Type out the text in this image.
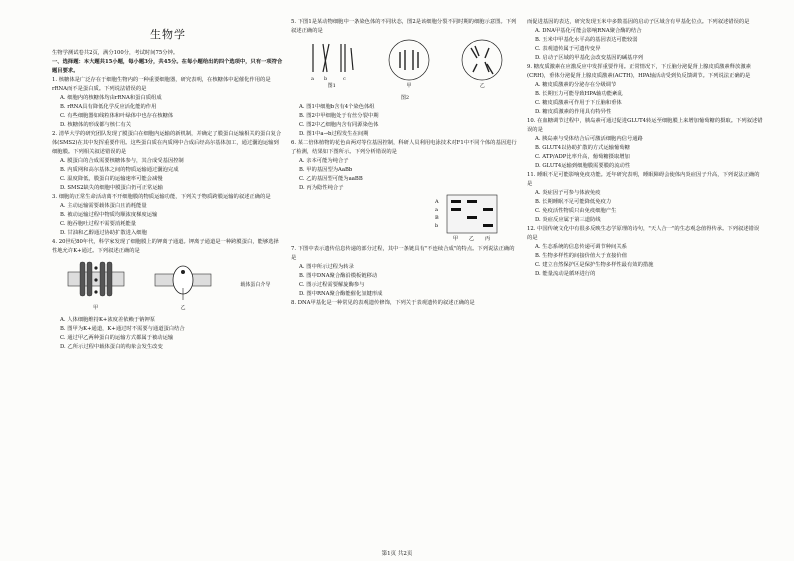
生物学

生物学测试卷共2页，满分100分，考试时间75分钟。

一、选择题：本大题共15小题，每小题3分，共45分。在每小题给出的四个选项中，只有一项符合题目要求。

1. 核糖体是广泛存在于细胞生物内的一种重要细胞器，研究表明，在核糖体中起催化作用的是rRNA而不是蛋白质。下列说法错误的是

A. 细胞内的核糖体均由rRNA和蛋白质组成

B. rRNA具有降低化学反应活化能的作用

C. 有些细胞器如线粒体和叶绿体中也存在核糖体

D. 核糖体的形成都与核仁有关

2. 清华大学的研究团队发现了膜蛋白在细胞内运输的新机制，并确定了膜蛋白运输相关的蛋白复合体(SMS2)在其中发挥重要作用。这些蛋白质在内质网中合成后经高尔基体加工，通过囊泡运输到细胞膜。下列相关叙述错误的是

A. 膜蛋白的合成需要核糖体参与，其合成受基因控制

B. 内质网和高尔基体之间的物质运输通过囊泡完成

C. 温度降低，膜蛋白的运输速率可能会减慢

D. SMS2缺失的细胞中膜蛋白仍可正常运输

3. 细胞的正常生命活动离不开细胞膜的物质运输功能，下列关于物质跨膜运输的叙述正确的是

A. 主动运输需要载体蛋白且消耗能量

B. 被动运输过程中物质均顺浓度梯度运输

C. 胞吞胞吐过程不需要消耗能量

D. 甘油和乙醇通过协助扩散进入细胞

4. 20世纪80年代，科学家发现了细胞膜上的钾离子通道。钾离子通道是一种跨膜蛋白，能够选择性地允许K+通过。下列叙述正确的是

甲	乙
载体蛋白介导

A. 人体细胞维持K+浓度差依赖于钠钾泵

B. 图甲为K+通道，K+通过时不需要与通道蛋白结合

C. 通过甲乙两种蛋白的运输方式都属于被动运输

D. 乙所示过程中载体蛋白的构象会发生改变

5. 下图1是某动物细胞中一条染色体的不同状态，图2是该细胞分裂不同时期的细胞示意图。下列叙述正确的是

a b	c
图1	甲	乙
图2

A. 图1中细胞b含有4个染色体组

B. 图2中甲细胞处于有丝分裂中期

C. 图2中乙细胞内含有同源染色体

D. 图1中a→b过程发生在间期

6. 某二倍体植物的花色由两对等位基因控制，科研人员利用电泳技术对F1中不同个体的基因进行了检测，结果如下图所示。下列分析错误的是

A. 亲本可能为纯合子

B. 甲的基因型为AaBb

C. 乙的基因型可能为aaBB

D. 丙为隐性纯合子

A
a
B
b
甲 乙 丙

7. 下图中表示遗传信息传递的部分过程，其中一条链具有"不连续合成"的特点。下列说法正确的是

A. 图中所示过程为转录

B. 图中DNA聚合酶沿模板链移动

C. 图示过程需要解旋酶参与

D. 图中RNA聚合酶能催化氢键形成

8. DNA甲基化是一种常见的表观遗传修饰，下列关于表观遗传的叙述正确的是

而促进基因的表达，研究发现玉米中多数基因的启动子区域含有甲基化位点。下列叙述错误的是

A. DNA甲基化可能会影响RNA聚合酶的结合

B. 玉米中甲基化水平高的基因表达可能较弱

C. 表观遗传属于可遗传变异

D. 启动子区域的甲基化会改变基因的碱基序列

9. 糖皮质激素在应激反应中发挥重要作用。正常情况下，下丘脑分泌促肾上腺皮质激素释放激素(CRH)，垂体分泌促肾上腺皮质激素(ACTH)，HPA轴活动受到负反馈调节。下列说法正确的是

A. 糖皮质激素的分泌存在分级调节

B. 长期压力可能导致HPA轴功能紊乱

C. 糖皮质激素可作用于下丘脑和垂体

D. 糖皮质激素的作用具有特异性

10. 在血糖调节过程中，胰岛素可通过促进GLUT4转运至细胞膜上来增加葡萄糖的摄取。下列叙述错误的是

A. 胰岛素与受体结合后可激活细胞内信号通路

B. GLUT4以协助扩散的方式运输葡萄糖

C. ATP/ADP比率升高，葡萄糖摄取增加

D. GLUT4运输到细胞膜需要膜的流动性

11. 睡眠不足可能影响免疫功能。近年研究表明，睡眠障碍会使体内炎症因子升高，下列说法正确的是

A. 炎症因子可参与体液免疫

B. 长期睡眠不足可能降低免疫力

C. 免疫活性物质只由免疫细胞产生

D. 炎症反应属于第三道防线

12. 中国传统文化中有很多反映生态学原理的诗句，"天人合一"的生态观念值得传承。下列叙述错误的是

A. 生态系统的信息传递可调节种间关系

B. 生物多样性的间接价值大于直接价值

C. 建立自然保护区是保护生物多样性最有效的措施

D. 能量流动是循环进行的

第1页 共2页
